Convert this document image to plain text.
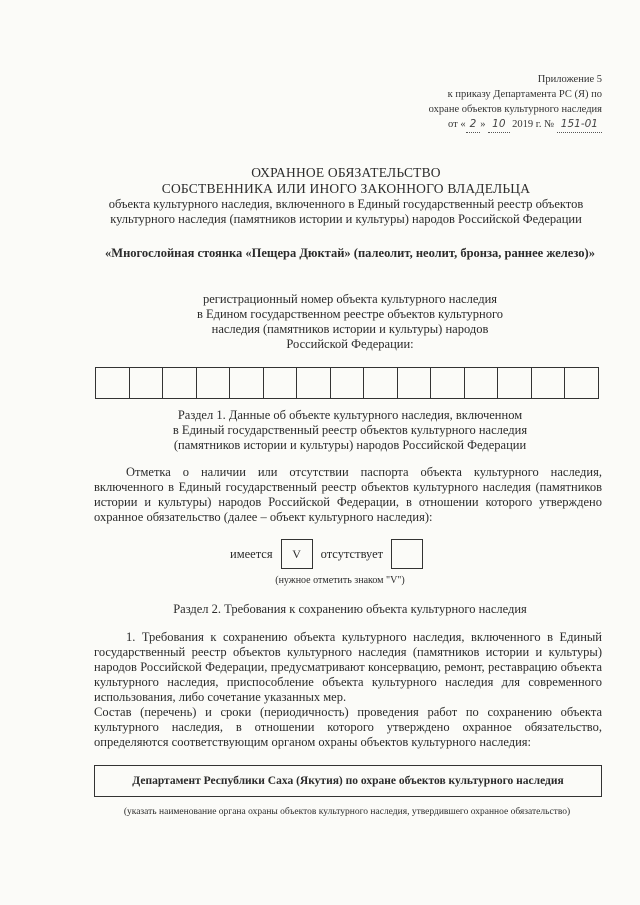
Приложение 5
к приказу Департамента РС (Я) по
охране объектов культурного наследия
от « 2 » 10 2019 г. № 151-01
ОХРАННОЕ ОБЯЗАТЕЛЬСТВО
СОБСТВЕННИКА ИЛИ ИНОГО ЗАКОННОГО ВЛАДЕЛЬЦА
объекта культурного наследия, включенного в Единый государственный реестр объектов
культурного наследия (памятников истории и культуры) народов Российской Федерации
«Многослойная стоянка «Пещера Дюктай» (палеолит, неолит, бронза, раннее железо)»
регистрационный номер объекта культурного наследия
в Едином государственном реестре объектов культурного
наследия (памятников истории и культуры) народов
Российской Федерации:
Раздел 1. Данные об объекте культурного наследия, включенном
в Единый государственный реестр объектов культурного наследия
(памятников истории и культуры) народов Российской Федерации

Отметка о наличии или отсутствии паспорта объекта культурного наследия, включенного в Единый государственный реестр объектов культурного наследия (памятников истории и культуры) народов Российской Федерации, в отношении которого утверждено охранное обязательство (далее – объект культурного наследия):

имеется	V	отсутствует
(нужное отметить знаком "V")
Раздел 2. Требования к сохранению объекта культурного наследия

1. Требования к сохранению объекта культурного наследия, включенного в Единый государственный реестр объектов культурного наследия (памятников истории и культуры) народов Российской Федерации, предусматривают консервацию, ремонт, реставрацию объекта культурного наследия, приспособление объекта культурного наследия для современного использования, либо сочетание указанных мер.

Состав (перечень) и сроки (периодичность) проведения работ по сохранению объекта культурного наследия, в отношении которого утверждено охранное обязательство, определяются соответствующим органом охраны объектов культурного наследия:

Департамент Республики Саха (Якутия) по охране объектов культурного наследия
(указать наименование органа охраны объектов культурного наследия, утвердившего охранное обязательство)
